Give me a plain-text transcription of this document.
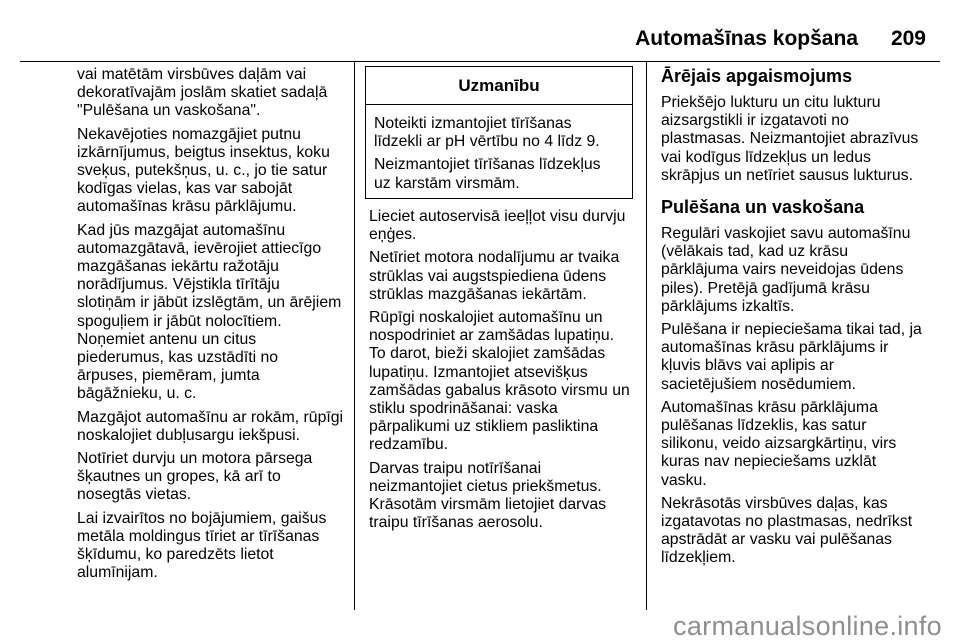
Automašīnas kopšana 209

vai matētām virsbūves daļām vai
dekoratīvajām joslām skatiet sadaļā
"Pulēšana un vaskošana".

Nekavējoties nomazgājiet putnu
izkārnījumus, beigtus insektus, koku
sveķus, putekšņus, u. c., jo tie satur
kodīgas vielas, kas var sabojāt
automašīnas krāsu pārklājumu.

Kad jūs mazgājat automašīnu
automazgātavā, ievērojiet attiecīgo
mazgāšanas iekārtu ražotāju
norādījumus. Vējstikla tīrītāju
slotiņām ir jābūt izslēgtām, un ārējiem
spoguļiem ir jābūt nolocītiem.
Noņemiet antenu un citus
piederumus, kas uzstādīti no
ārpuses, piemēram, jumta
bāgāžnieku, u. c.

Mazgājot automašīnu ar rokām, rūpīgi
noskalojiet dubļusargu iekšpusi.

Notīriet durvju un motora pārsega
šķautnes un gropes, kā arī to
nosegtās vietas.

Lai izvairītos no bojājumiem, gaišus
metāla moldingus tīriet ar tīrīšanas
šķīdumu, ko paredzēts lietot
alumīnijam.

Uzmanību

Noteikti izmantojiet tīrīšanas
līdzekli ar pH vērtību no 4 līdz 9.

Neizmantojiet tīrīšanas līdzekļus
uz karstām virsmām.

Lieciet autoservisā ieeļļot visu durvju
eņģes.

Netīriet motora nodalījumu ar tvaika
strūklas vai augstspiediena ūdens
strūklas mazgāšanas iekārtām.

Rūpīgi noskalojiet automašīnu un
nospodriniet ar zamšādas lupatiņu.
To darot, bieži skalojiet zamšādas
lupatiņu. Izmantojiet atsevišķus
zamšādas gabalus krāsoto virsmu un
stiklu spodrināšanai: vaska
pārpalikumi uz stikliem pasliktina
redzamību.

Darvas traipu notīrīšanai
neizmantojiet cietus priekšmetus.
Krāsotām virsmām lietojiet darvas
traipu tīrīšanas aerosolu.

Ārējais apgaismojums

Priekšējo lukturu un citu lukturu
aizsargstikli ir izgatavoti no
plastmasas. Neizmantojiet abrazīvus
vai kodīgus līdzekļus un ledus
skrāpjus un netīriet sausus lukturus.

Pulēšana un vaskošana

Regulāri vaskojiet savu automašīnu
(vēlākais tad, kad uz krāsu
pārklājuma vairs neveidojas ūdens
piles). Pretējā gadījumā krāsu
pārklājums izkaltīs.

Pulēšana ir nepieciešama tikai tad, ja
automašīnas krāsu pārklājums ir
kļuvis blāvs vai aplipis ar
sacietējušiem nosēdumiem.

Automašīnas krāsu pārklājuma
pulēšanas līdzeklis, kas satur
silikonu, veido aizsargkārtiņu, virs
kuras nav nepieciešams uzklāt
vasku.

Nekrāsotās virsbūves daļas, kas
izgatavotas no plastmasas, nedrīkst
apstrādāt ar vasku vai pulēšanas
līdzekļiem.

carmanualsonline.info
